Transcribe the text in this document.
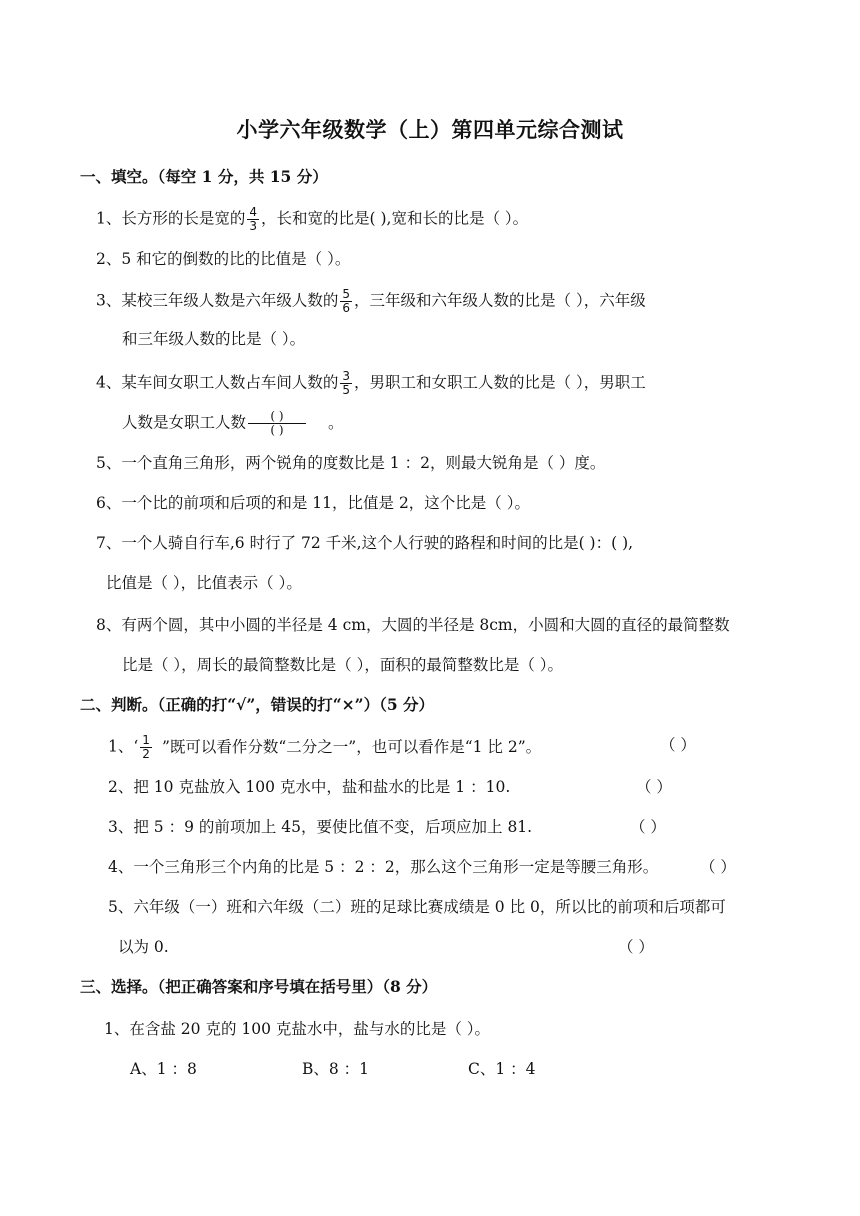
小学六年级数学（上）第四单元综合测试
一、填空。（每空 1 分，共 15 分）
1、长方形的长是宽的 $\frac{4}{3}$ ，长和宽的比是( ),宽和长的比是（ ）。
2、5 和它的倒数的比的比值是（ ）。
3、某校三年级人数是六年级人数的 $\frac{5}{6}$ ，三年级和六年级人数的比是（ ），六年级
和三年级人数的比是（ ）。
4、某车间女职工人数占车间人数的 $\frac{3}{5}$ ，男职工和女职工人数的比是（ ），男职工
人数是女职工人数 $\frac{( )}{( )}$ 。
5、一个直角三角形，两个锐角的度数比是 1 ：2，则最大锐角是（ ）度。
6、一个比的前项和后项的和是 11，比值是 2，这个比是（ ）。
7、一个人骑自行车,6 时行了 72 千米,这个人行驶的路程和时间的比是( )：( ),
比值是（ ），比值表示（ ）。
8、有两个圆，其中小圆的半径是 4 cm，大圆的半径是 8cm，小圆和大圆的直径的最简整数
比是（ ），周长的最简整数比是（ ），面积的最简整数比是（ ）。
二、判断。（正确的打“√”，错误的打“×”）（5 分）
1、‘ $\frac{1}{2}$ ”既可以看作分数“二分之一”，也可以看作是“1 比 2”。	（ ）
2、把 10 克盐放入 100 克水中，盐和盐水的比是 1 ：10.	（ ）
3、把 5 ：9 的前项加上 45，要使比值不变，后项应加上 81.	（ ）
4、一个三角形三个内角的比是 5 ：2 ：2，那么这个三角形一定是等腰三角形。	（ ）
5、六年级（一）班和六年级（二）班的足球比赛成绩是 0 比 0，所以比的前项和后项都可
以为 0.	（ ）
三、选择。（把正确答案和序号填在括号里）（8 分）
1、在含盐 20 克的 100 克盐水中，盐与水的比是（ ）。
A、1 ：8	B、8 ：1	C、1 ：4
